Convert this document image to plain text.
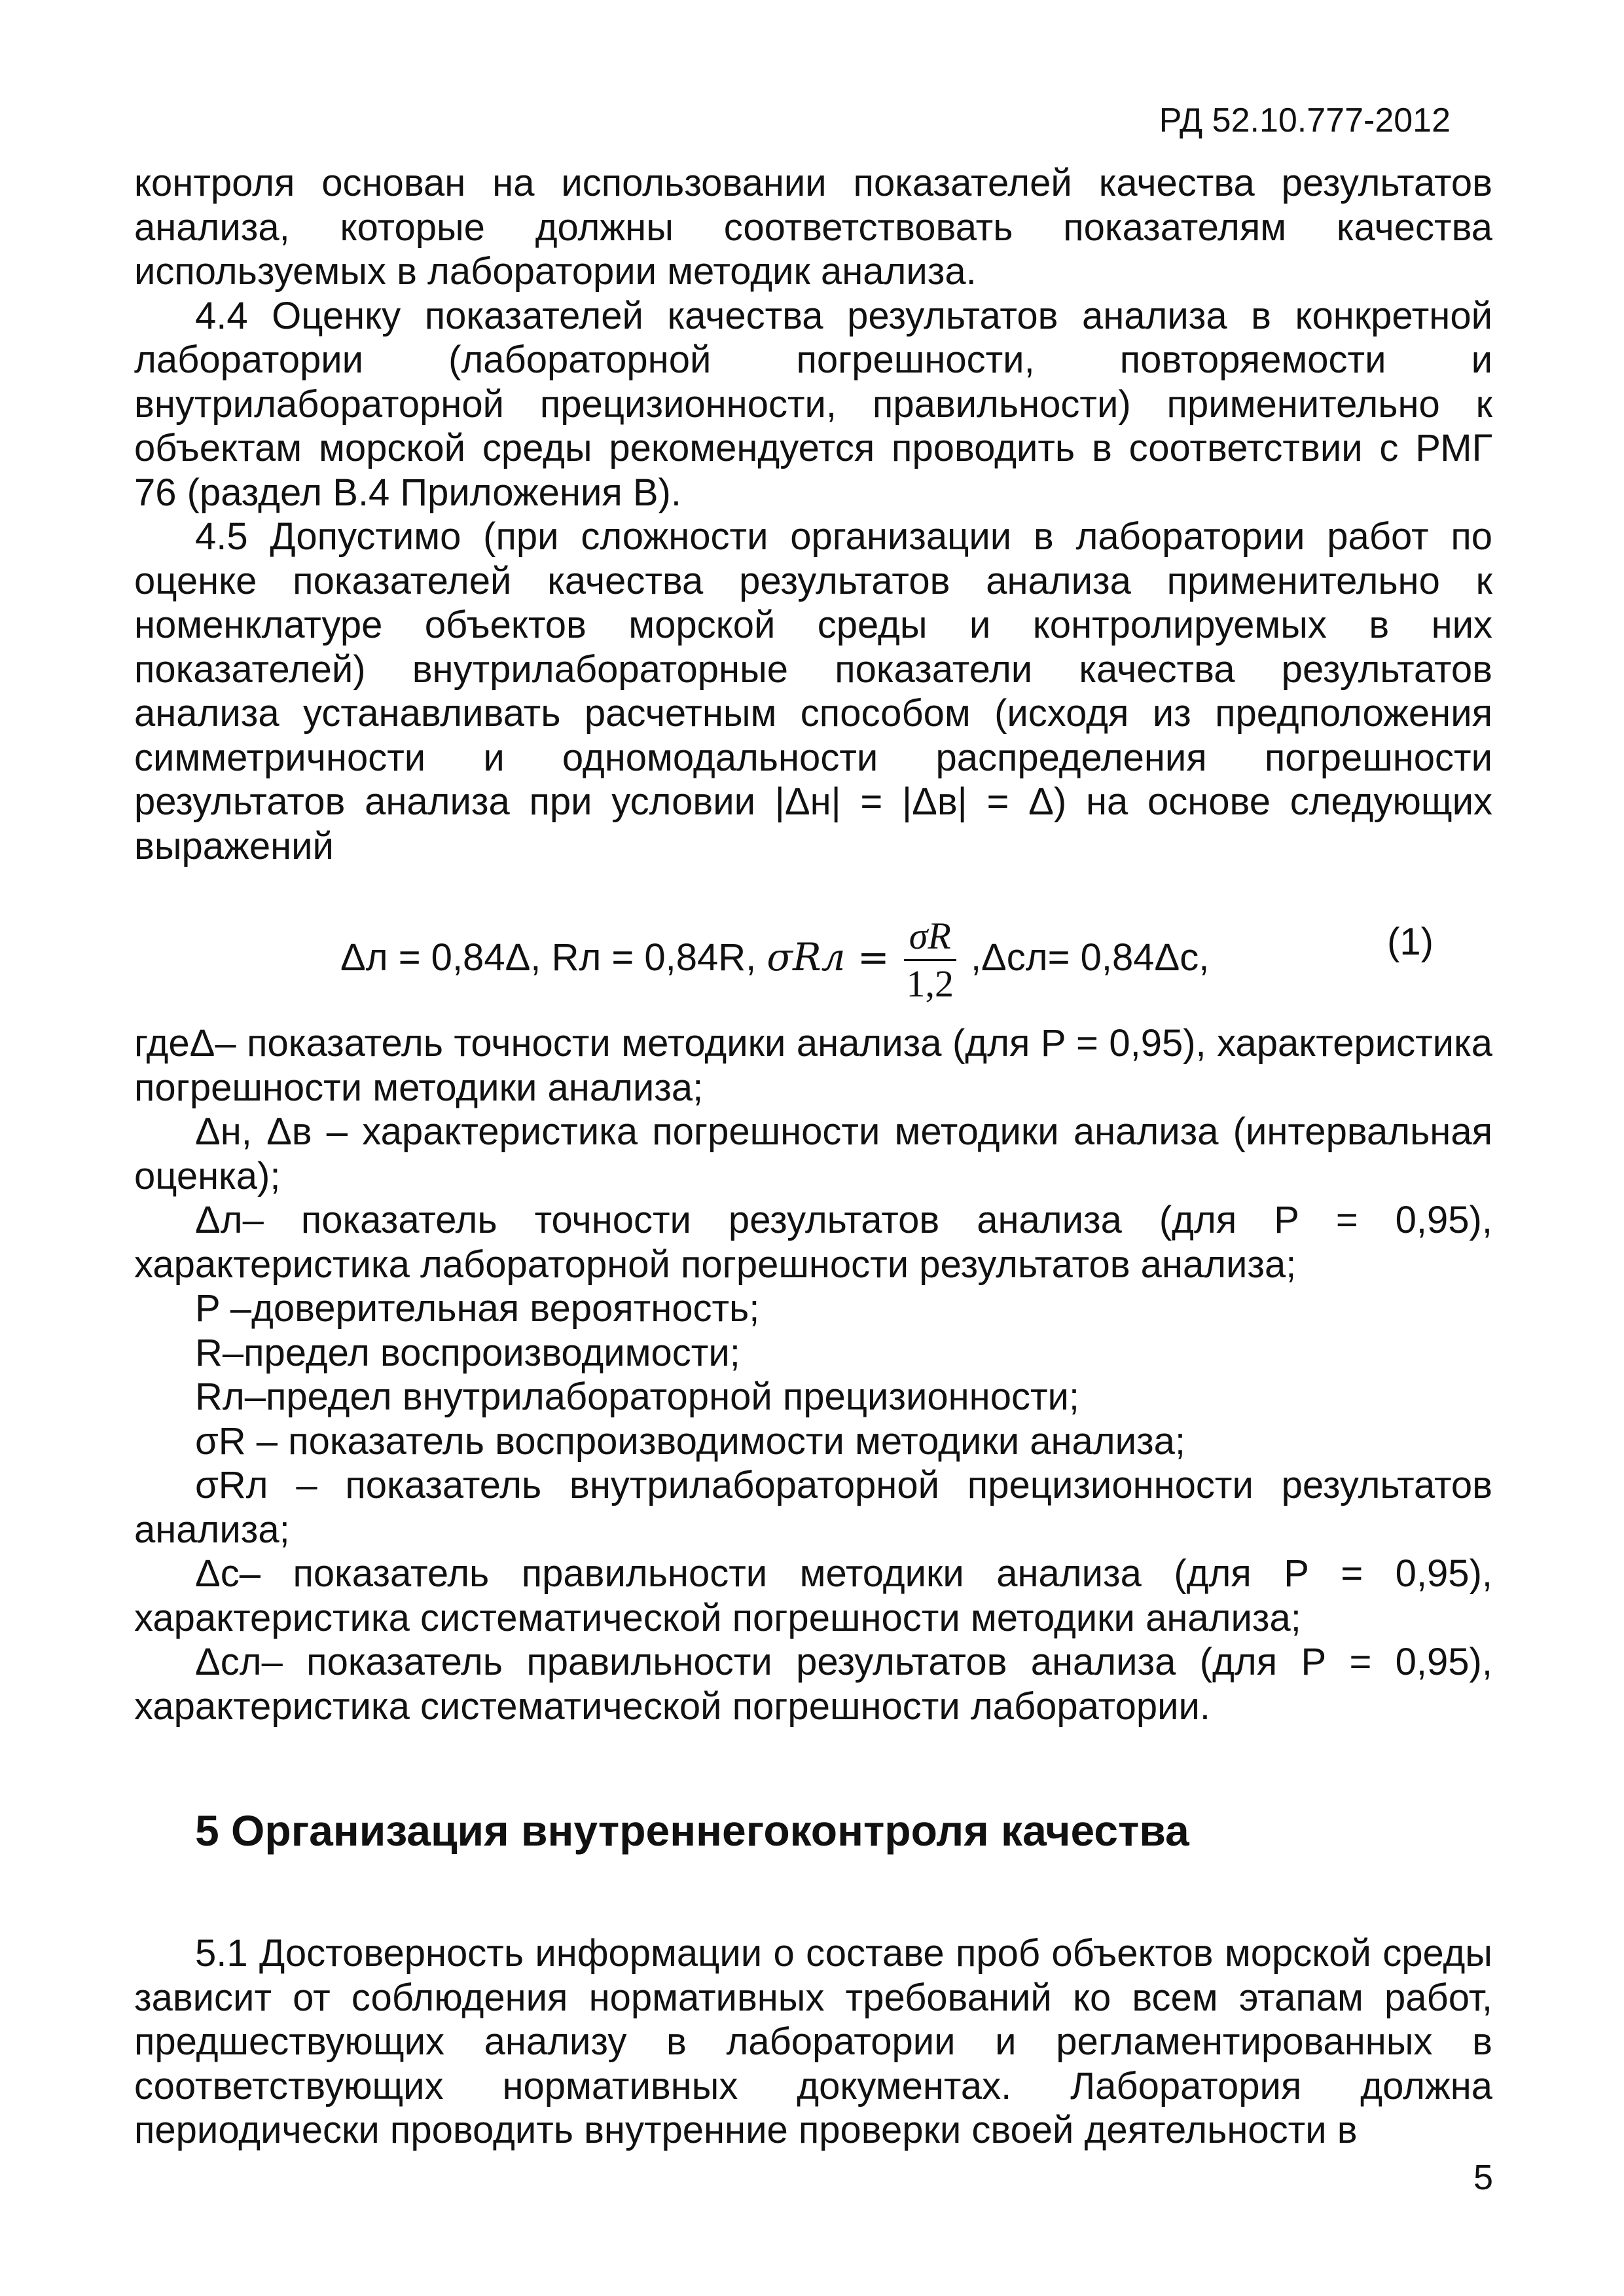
РД 52.10.777-2012

контроля основан на использовании показателей качества результатов анализа, которые должны соответствовать показателям качества используемых в лаборатории методик анализа.

4.4 Оценку показателей качества результатов анализа в конкретной лаборатории (лабораторной погрешности, повторяемости и внутрилабораторной прецизионности, правильности) применительно к объектам морской среды рекомендуется проводить в соответствии с РМГ 76 (раздел В.4 Приложения В).

4.5 Допустимо (при сложности организации в лаборатории работ по оценке показателей качества результатов анализа применительно к номенклатуре объектов морской среды и контролируемых в них показателей) внутрилабораторные показатели качества результатов анализа устанавливать расчетным способом (исходя из предположения симметричности и одномодальности распределения погрешности результатов анализа при условии |Δн| = |Δв| = Δ) на основе следующих выражений

Δл = 0,84Δ, Rл = 0,84R, $\sigma Rл = \frac{\sigma R}{1,2} ,\Delta сл= 0,84\Delta с$,	(1)

гдеΔ– показатель точности методики анализа (для P = 0,95), характеристика погрешности методики анализа;

Δн, Δв – характеристика погрешности методики анализа (интервальная оценка);

Δл– показатель точности результатов анализа (для P = 0,95), характеристика лабораторной погрешности результатов анализа;

P –доверительная вероятность;

R–предел воспроизводимости;

Rл–предел внутрилабораторной прецизионности;

σR – показатель воспроизводимости методики анализа;

σRл – показатель внутрилабораторной прецизионности результатов анализа;

Δс– показатель правильности методики анализа (для P = 0,95), характеристика систематической погрешности методики анализа;

Δсл– показатель правильности результатов анализа (для P = 0,95), характеристика систематической погрешности лаборатории.

5 Организация внутреннегоконтроля качества

5.1 Достоверность информации о составе проб объектов морской среды зависит от соблюдения нормативных требований ко всем этапам работ, предшествующих анализу в лаборатории и регламентированных в соответствующих нормативных документах. Лаборатория должна периодически проводить внутренние проверки своей деятельности в

5
